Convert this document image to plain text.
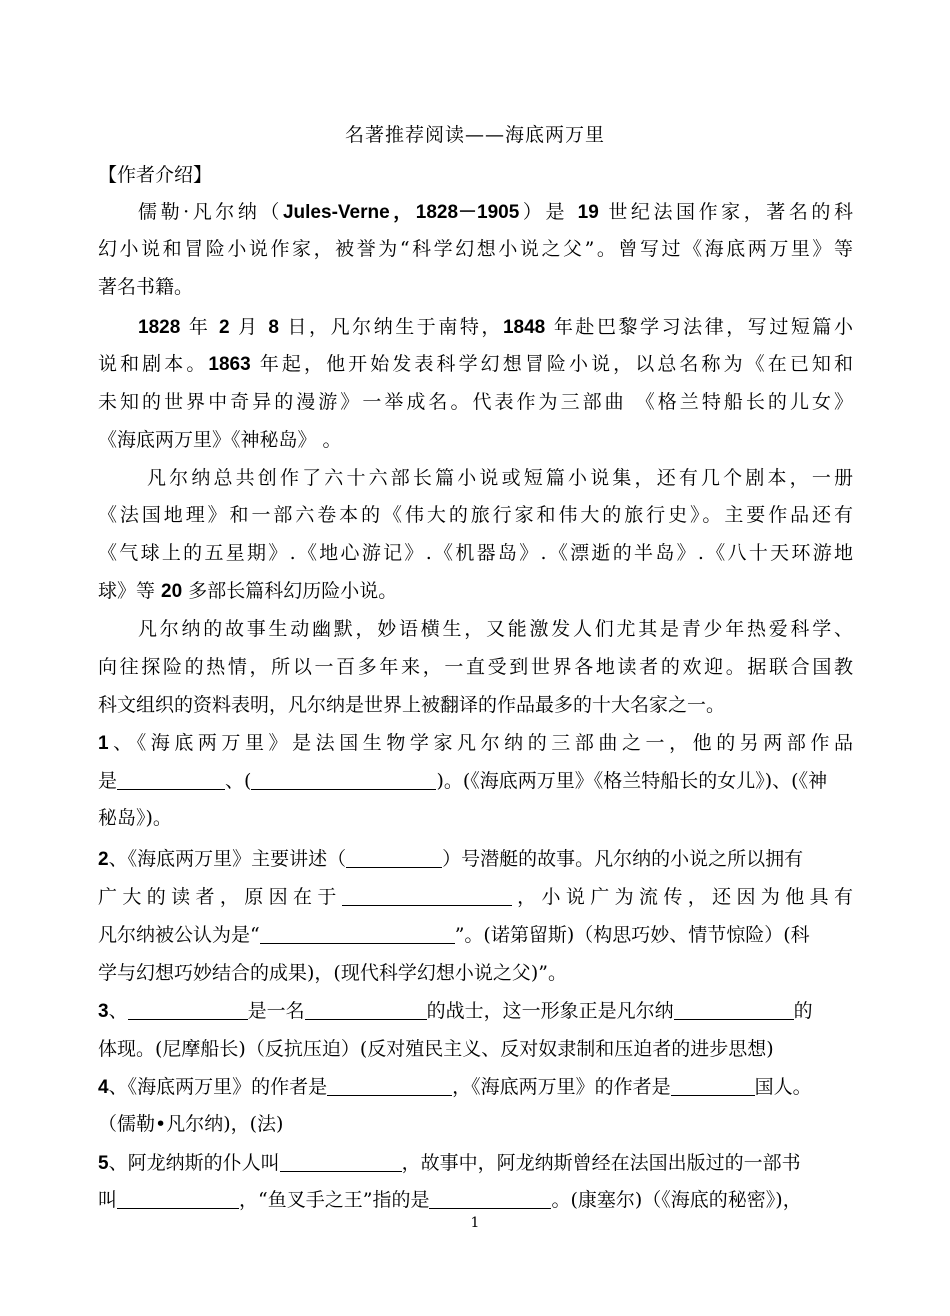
名著推荐阅读——海底两万里
【作者介绍】
儒勒·凡尔纳（Jules-Verne，1828－1905）是 19 世纪法国作家，著名的科
幻小说和冒险小说作家，被誉为“科学幻想小说之父”。曾写过《海底两万里》等
著名书籍。
1828 年 2 月 8 日，凡尔纳生于南特，1848 年赴巴黎学习法律，写过短篇小
说和剧本。1863 年起，他开始发表科学幻想冒险小说，以总名称为《在已知和
未知的世界中奇异的漫游》一举成名。代表作为三部曲 《格兰特船长的儿女》
《海底两万里》《神秘岛》 。
凡尔纳总共创作了六十六部长篇小说或短篇小说集，还有几个剧本，一册
《法国地理》和一部六卷本的《伟大的旅行家和伟大的旅行史》。主要作品还有
《气球上的五星期》.《地心游记》.《机器岛》.《漂逝的半岛》.《八十天环游地
球》等 20 多部长篇科幻历险小说。
凡尔纳的故事生动幽默，妙语横生，又能激发人们尤其是青少年热爱科学、
向往探险的热情，所以一百多年来，一直受到世界各地读者的欢迎。据联合国教
科文组织的资料表明，凡尔纳是世界上被翻译的作品最多的十大名家之一。
1、《海底两万里》是法国生物学家凡尔纳的三部曲之一，他的另两部作品
是	、(	)。(《海底两万里》《格兰特船长的女儿》)、(《神
秘岛》)。
2、《海底两万里》主要讲述（	）号潜艇的故事。凡尔纳的小说之所以拥有
广大的读者，原因在于	，小说广为流传，还因为他具有
凡尔纳被公认为是“	”。(诺第留斯)（构思巧妙、情节惊险）(科
学与幻想巧妙结合的成果)，(现代科学幻想小说之父)”。
3、	是一名	的战士，这一形象正是凡尔纳	的
体现。(尼摩船长)（反抗压迫）(反对殖民主义、反对奴隶制和压迫者的进步思想)
4、《海底两万里》的作者是	，《海底两万里》的作者是	国人。
（儒勒•凡尔纳)，(法)
5、阿龙纳斯的仆人叫	，故事中，阿龙纳斯曾经在法国出版过的一部书
叫	，“鱼叉手之王”指的是	。(康塞尔)（《海底的秘密》)，
1
